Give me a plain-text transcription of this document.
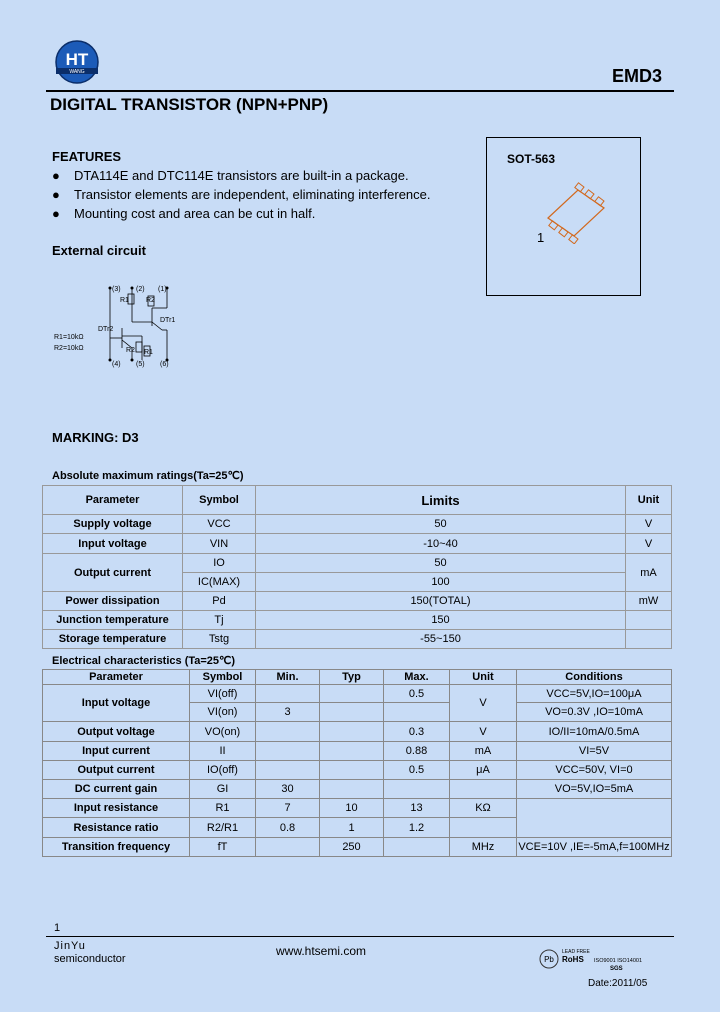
HT
WANG	EMD3
DIGITAL TRANSISTOR (NPN+PNP)
FEATURES
● DTA114E and DTC114E transistors are built-in a package.
● Transistor elements are independent, eliminating interference.
● Mounting cost and area can be cut in half.
SOT-563
1
External circuit
(3) (2) (1)
(4) (5) (6)
R1 R2
R2 R1
DTr1
DTr2
R1=10kΩ
R2=10kΩ
MARKING: D3
Absolute maximum ratings(Ta=25℃)
Parameter	Symbol	Limits	Unit
Supply voltage	VCC	50	V
Input voltage	VIN	-10~40	V
Output current	IO	50	mA
	IC(MAX)	100	
Power dissipation	Pd	150(TOTAL)	mW
Junction temperature	Tj	150	
Storage temperature	Tstg	-55~150	
Electrical characteristics (Ta=25℃)
Parameter	Symbol	Min.	Typ	Max.	Unit	Conditions
Input voltage	VI(off)			0.5	V	VCC=5V,IO=100μA
	VI(on)	3				VO=0.3V ,IO=10mA
Output voltage	VO(on)			0.3	V	IO/II=10mA/0.5mA
Input current	II			0.88	mA	VI=5V
Output current	IO(off)			0.5	μA	VCC=50V, VI=0
DC current gain	GI	30				VO=5V,IO=5mA
Input resistance	R1	7	10	13	KΩ	
Resistance ratio	R2/R1	0.8	1	1.2		
Transition frequency	fT		250		MHz	VCE=10V ,IE=-5mA,f=100MHz
1
JinYu
semiconductor
www.htsemi.com
Pb
LEAD FREE
RoHS ISO9001 ISO14001
SGS
Date:2011/05
